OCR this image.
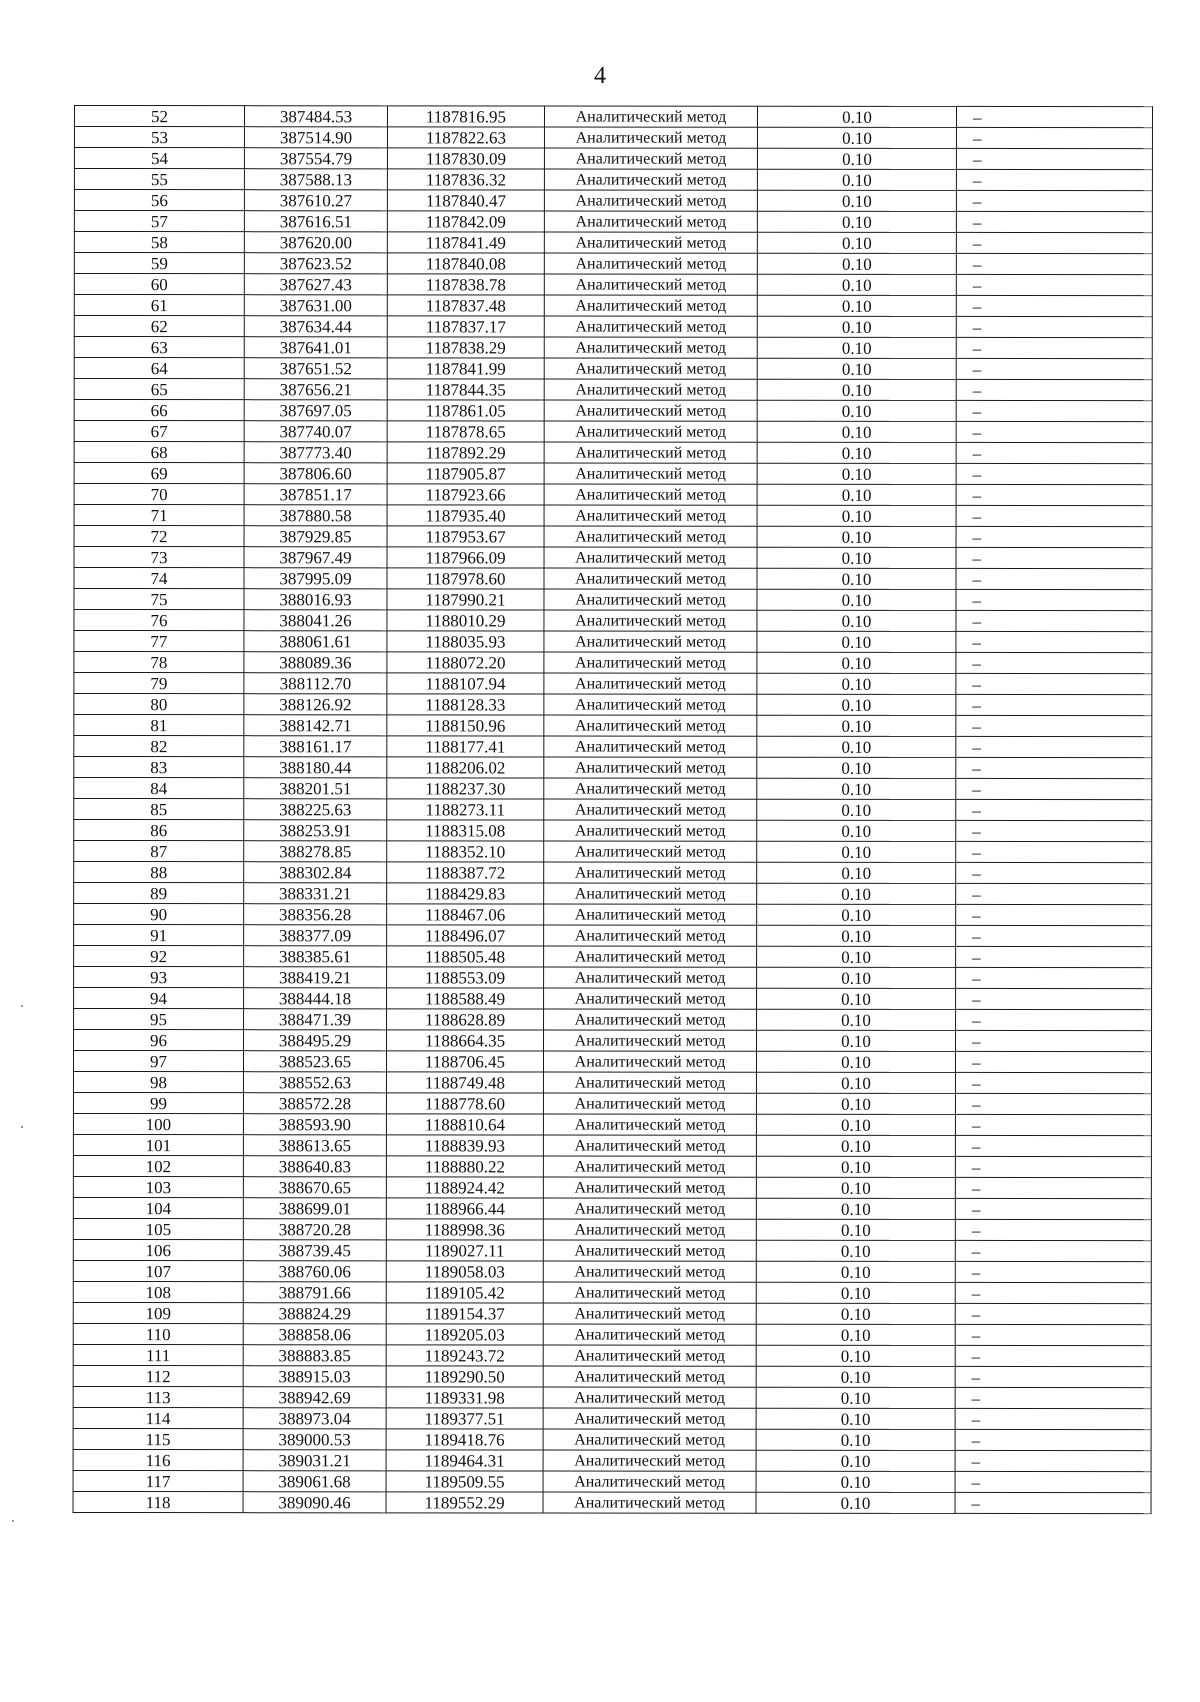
4
52	387484.53	1187816.95	Аналитический метод	0.10	–
53	387514.90	1187822.63	Аналитический метод	0.10	–
54	387554.79	1187830.09	Аналитический метод	0.10	–
55	387588.13	1187836.32	Аналитический метод	0.10	–
56	387610.27	1187840.47	Аналитический метод	0.10	–
57	387616.51	1187842.09	Аналитический метод	0.10	–
58	387620.00	1187841.49	Аналитический метод	0.10	–
59	387623.52	1187840.08	Аналитический метод	0.10	–
60	387627.43	1187838.78	Аналитический метод	0.10	–
61	387631.00	1187837.48	Аналитический метод	0.10	–
62	387634.44	1187837.17	Аналитический метод	0.10	–
63	387641.01	1187838.29	Аналитический метод	0.10	–
64	387651.52	1187841.99	Аналитический метод	0.10	–
65	387656.21	1187844.35	Аналитический метод	0.10	–
66	387697.05	1187861.05	Аналитический метод	0.10	–
67	387740.07	1187878.65	Аналитический метод	0.10	–
68	387773.40	1187892.29	Аналитический метод	0.10	–
69	387806.60	1187905.87	Аналитический метод	0.10	–
70	387851.17	1187923.66	Аналитический метод	0.10	–
71	387880.58	1187935.40	Аналитический метод	0.10	–
72	387929.85	1187953.67	Аналитический метод	0.10	–
73	387967.49	1187966.09	Аналитический метод	0.10	–
74	387995.09	1187978.60	Аналитический метод	0.10	–
75	388016.93	1187990.21	Аналитический метод	0.10	–
76	388041.26	1188010.29	Аналитический метод	0.10	–
77	388061.61	1188035.93	Аналитический метод	0.10	–
78	388089.36	1188072.20	Аналитический метод	0.10	–
79	388112.70	1188107.94	Аналитический метод	0.10	–
80	388126.92	1188128.33	Аналитический метод	0.10	–
81	388142.71	1188150.96	Аналитический метод	0.10	–
82	388161.17	1188177.41	Аналитический метод	0.10	–
83	388180.44	1188206.02	Аналитический метод	0.10	–
84	388201.51	1188237.30	Аналитический метод	0.10	–
85	388225.63	1188273.11	Аналитический метод	0.10	–
86	388253.91	1188315.08	Аналитический метод	0.10	–
87	388278.85	1188352.10	Аналитический метод	0.10	–
88	388302.84	1188387.72	Аналитический метод	0.10	–
89	388331.21	1188429.83	Аналитический метод	0.10	–
90	388356.28	1188467.06	Аналитический метод	0.10	–
91	388377.09	1188496.07	Аналитический метод	0.10	–
92	388385.61	1188505.48	Аналитический метод	0.10	–
93	388419.21	1188553.09	Аналитический метод	0.10	–
94	388444.18	1188588.49	Аналитический метод	0.10	–
95	388471.39	1188628.89	Аналитический метод	0.10	–
96	388495.29	1188664.35	Аналитический метод	0.10	–
97	388523.65	1188706.45	Аналитический метод	0.10	–
98	388552.63	1188749.48	Аналитический метод	0.10	–
99	388572.28	1188778.60	Аналитический метод	0.10	–
100	388593.90	1188810.64	Аналитический метод	0.10	–
101	388613.65	1188839.93	Аналитический метод	0.10	–
102	388640.83	1188880.22	Аналитический метод	0.10	–
103	388670.65	1188924.42	Аналитический метод	0.10	–
104	388699.01	1188966.44	Аналитический метод	0.10	–
105	388720.28	1188998.36	Аналитический метод	0.10	–
106	388739.45	1189027.11	Аналитический метод	0.10	–
107	388760.06	1189058.03	Аналитический метод	0.10	–
108	388791.66	1189105.42	Аналитический метод	0.10	–
109	388824.29	1189154.37	Аналитический метод	0.10	–
110	388858.06	1189205.03	Аналитический метод	0.10	–
111	388883.85	1189243.72	Аналитический метод	0.10	–
112	388915.03	1189290.50	Аналитический метод	0.10	–
113	388942.69	1189331.98	Аналитический метод	0.10	–
114	388973.04	1189377.51	Аналитический метод	0.10	–
115	389000.53	1189418.76	Аналитический метод	0.10	–
116	389031.21	1189464.31	Аналитический метод	0.10	–
117	389061.68	1189509.55	Аналитический метод	0.10	–
118	389090.46	1189552.29	Аналитический метод	0.10	–
